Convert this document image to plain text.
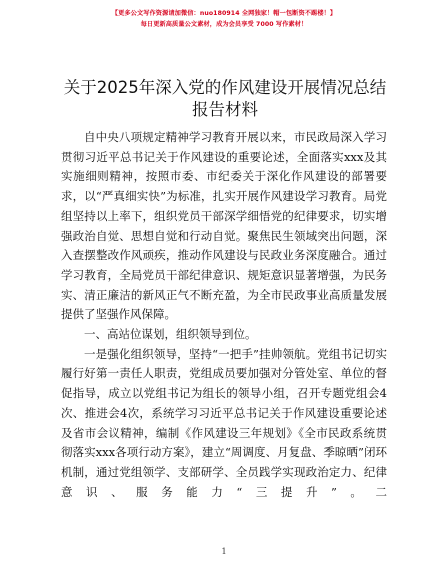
【更多公文写作资源请加微信：nuo180914 全网独家！帽一包断资不踢楼！】
每日更新高质量公文素材，成为会员享受 7000 写作素材！
关于2025年深入党的作风建设开展情况总结报告材料

自中央八项规定精神学习教育开展以来，市民政局深入学习贯彻习近平总书记关于作风建设的重要论述，全面落实xxx及其实施细则精神，按照市委、市纪委关于深化作风建设的部署要求，以“严真细实快”为标准，扎实开展作风建设学习教育。局党组坚持以上率下，组织党员干部深学细悟党的纪律要求，切实增强政治自觉、思想自觉和行动自觉。聚焦民生领域突出问题，深入查摆整改作风顽疾，推动作风建设与民政业务深度融合。通过学习教育，全局党员干部纪律意识、规矩意识显著增强，为民务实、清正廉洁的新风正气不断充盈，为全市民政事业高质量发展提供了坚强作风保障。

一、高站位谋划，组织领导到位。

一是强化组织领导，坚持“一把手”挂帅领航。党组书记切实履行好第一责任人职责，党组成员要加强对分管处室、单位的督促指导，成立以党组书记为组长的领导小组，召开专题党组会4次、推进会4次，系统学习习近平总书记关于作风建设重要论述及省市会议精神，编制《作风建设三年规划》《全市民政系统贯彻落实xxx各项行动方案》，建立“周调度、月复盘、季晾晒”闭环机制，通过党组领学、支部研学、全员践学实现政治定力、纪律意识、服务能力“三提升”。二

1
